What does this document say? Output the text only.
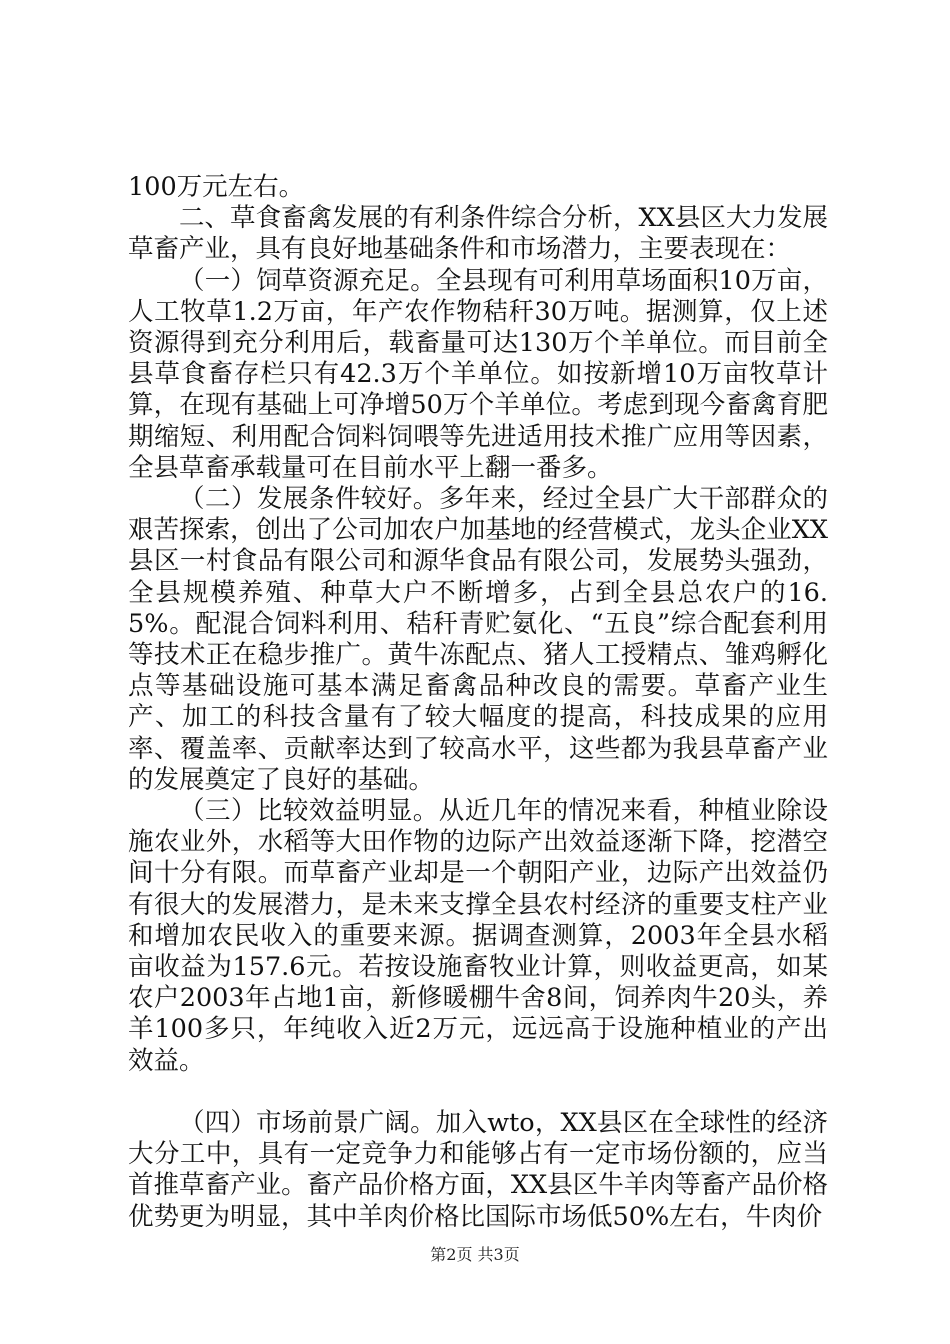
100万元左右。

二、草食畜禽发展的有利条件综合分析，XX县区大力发展草畜产业，具有良好地基础条件和市场潜力，主要表现在：

（一）饲草资源充足。全县现有可利用草场面积10万亩，人工牧草1.2万亩，年产农作物秸秆30万吨。据测算，仅上述资源得到充分利用后，载畜量可达130万个羊单位。而目前全县草食畜存栏只有42.3万个羊单位。如按新增10万亩牧草计算，在现有基础上可净增50万个羊单位。考虑到现今畜禽育肥期缩短、利用配合饲料饲喂等先进适用技术推广应用等因素，全县草畜承载量可在目前水平上翻一番多。

（二）发展条件较好。多年来，经过全县广大干部群众的艰苦探索，创出了公司加农户加基地的经营模式，龙头企业XX县区一村食品有限公司和源华食品有限公司，发展势头强劲，全县规模养殖、种草大户不断增多，占到全县总农户的16.5%。配混合饲料利用、秸秆青贮氨化、“五良”综合配套利用等技术正在稳步推广。黄牛冻配点、猪人工授精点、雏鸡孵化点等基础设施可基本满足畜禽品种改良的需要。草畜产业生产、加工的科技含量有了较大幅度的提高，科技成果的应用率、覆盖率、贡献率达到了较高水平，这些都为我县草畜产业的发展奠定了良好的基础。

（三）比较效益明显。从近几年的情况来看，种植业除设施农业外，水稻等大田作物的边际产出效益逐渐下降，挖潜空间十分有限。而草畜产业却是一个朝阳产业，边际产出效益仍有很大的发展潜力，是未来支撑全县农村经济的重要支柱产业和增加农民收入的重要来源。据调查测算，2003年全县水稻亩收益为157.6元。若按设施畜牧业计算，则收益更高，如某农户2003年占地1亩，新修暖棚牛舍8间，饲养肉牛20头，养羊100多只，年纯收入近2万元，远远高于设施种植业的产出效益。

（四）市场前景广阔。加入wto，XX县区在全球性的经济大分工中，具有一定竞争力和能够占有一定市场份额的，应当首推草畜产业。畜产品价格方面，XX县区牛羊肉等畜产品价格优势更为明显，其中羊肉价格比国际市场低50%左右，牛肉价

第2页 共3页
